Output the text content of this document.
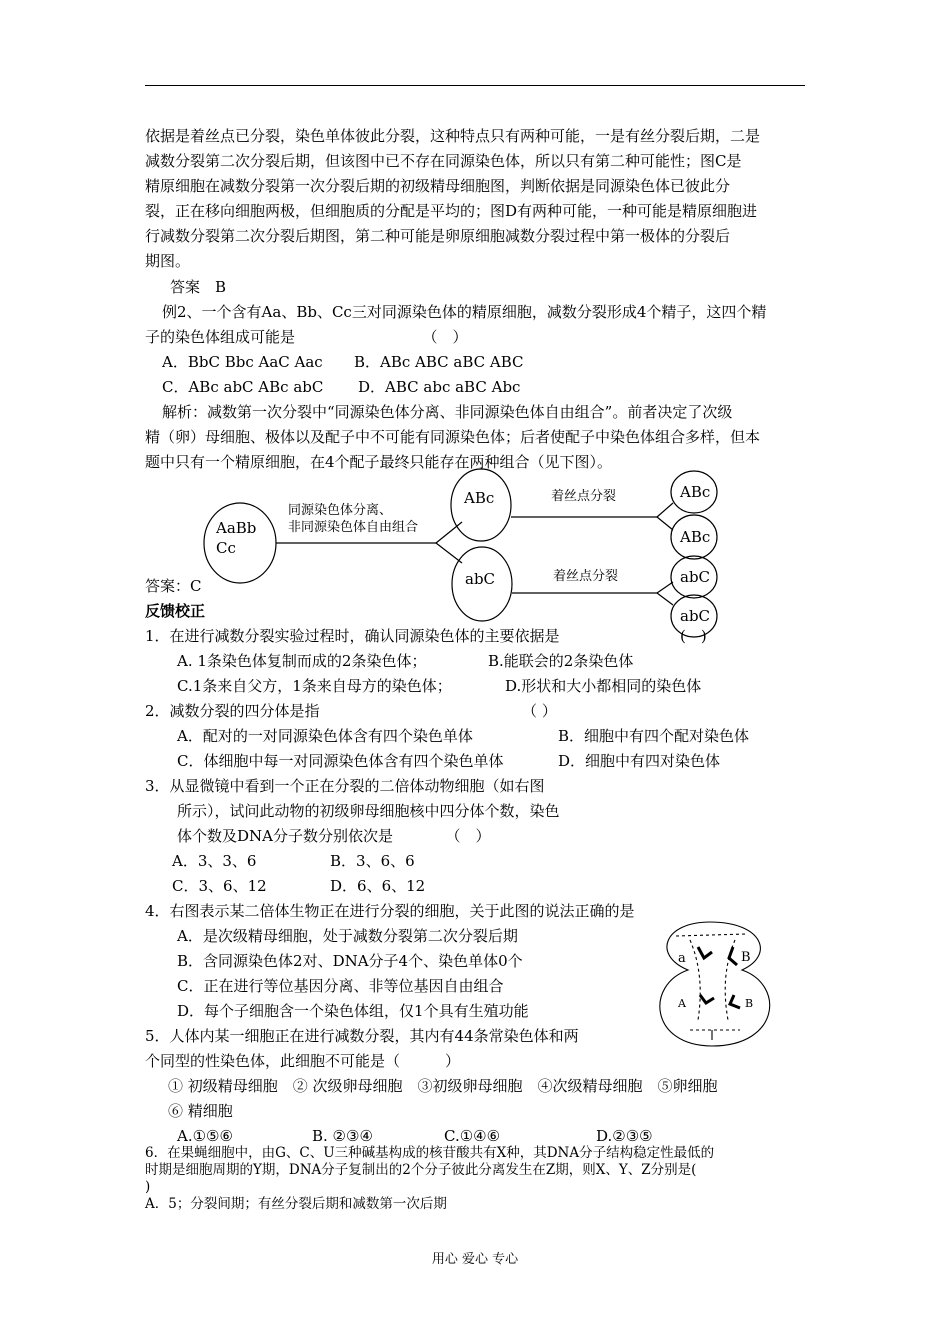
依据是着丝点已分裂，染色单体彼此分裂，这种特点只有两种可能，一是有丝分裂后期，二是
减数分裂第二次分裂后期，但该图中已不存在同源染色体，所以只有第二种可能性；图C是
精原细胞在减数分裂第一次分裂后期的初级精母细胞图，判断依据是同源染色体已彼此分
裂，正在移向细胞两极，但细胞质的分配是平均的；图D有两种可能，一种可能是精原细胞进
行减数分裂第二次分裂后期图，第二种可能是卵原细胞减数分裂过程中第一极体的分裂后
期图。
答案　B
例2、一个含有Aa、Bb、Cc三对同源染色体的精原细胞，减数分裂形成4个精子，这四个精
子的染色体组成可能是　　　　　　　　　（　）
A．BbC Bbc AaC Aac B．ABc ABC aBC ABC
C．ABc abC ABc abC D．ABC abc aBC Abc
解析：减数第一次分裂中“同源染色体分离、非同源染色体自由组合”。前者决定了次级
精（卵）母细胞、极体以及配子中不可能有同源染色体；后者使配子中染色体组合多样，但本
题中只有一个精原细胞，在4个配子最终只能存在两种组合（见下图）。
AaBb
Cc
ABc
abC
ABc
ABc
abC
abC
同源染色体分离、
非同源染色体自由组合
着丝点分裂
着丝点分裂
a	B
A	B
答案：C
反馈校正
1．在进行减数分裂实验过程时，确认同源染色体的主要依据是	(　)
A. 1条染色体复制而成的2条染色体；	B.能联会的2条染色体
C.1条来自父方，1条来自母方的染色体；	D.形状和大小都相同的染色体
2．减数分裂的四分体是指　　　　　　　　　　　　　　（ ）
A．配对的一对同源染色体含有四个染色单体	B．细胞中有四个配对染色体
C．体细胞中每一对同源染色体含有四个染色单体	D．细胞中有四对染色体
3．从显微镜中看到一个正在分裂的二倍体动物细胞（如右图
所示），试问此动物的初级卵母细胞核中四分体个数，染色
体个数及DNA分子数分别依次是　　　　（　）
A．3、3、6	B．3、6、6
C．3、6、12	D．6、6、12
4．右图表示某二倍体生物正在进行分裂的细胞，关于此图的说法正确的是
A．是次级精母细胞，处于减数分裂第二次分裂后期
B．含同源染色体2对、DNA分子4个、染色单体0个
C．正在进行等位基因分离、非等位基因自由组合
D．每个子细胞含一个染色体组，仅1个具有生殖功能
5．人体内某一细胞正在进行减数分裂，其内有44条常染色体和两
个同型的性染色体，此细胞不可能是（　　　）
① 初级精母细胞　② 次级卵母细胞　③初级卵母细胞　④次级精母细胞　⑤卵细胞
⑥ 精细胞
A.①⑤⑥	B. ②③④	C.①④⑥	D.②③⑤
6．在果蝇细胞中，由G、C、U三种碱基构成的核苷酸共有X种，其DNA分子结构稳定性最低的
时期是细胞周期的Y期，DNA分子复制出的2个分子彼此分离发生在Z期，则X、Y、Z分别是(
)
A．5；分裂间期；有丝分裂后期和减数第一次后期
用心 爱心 专心
